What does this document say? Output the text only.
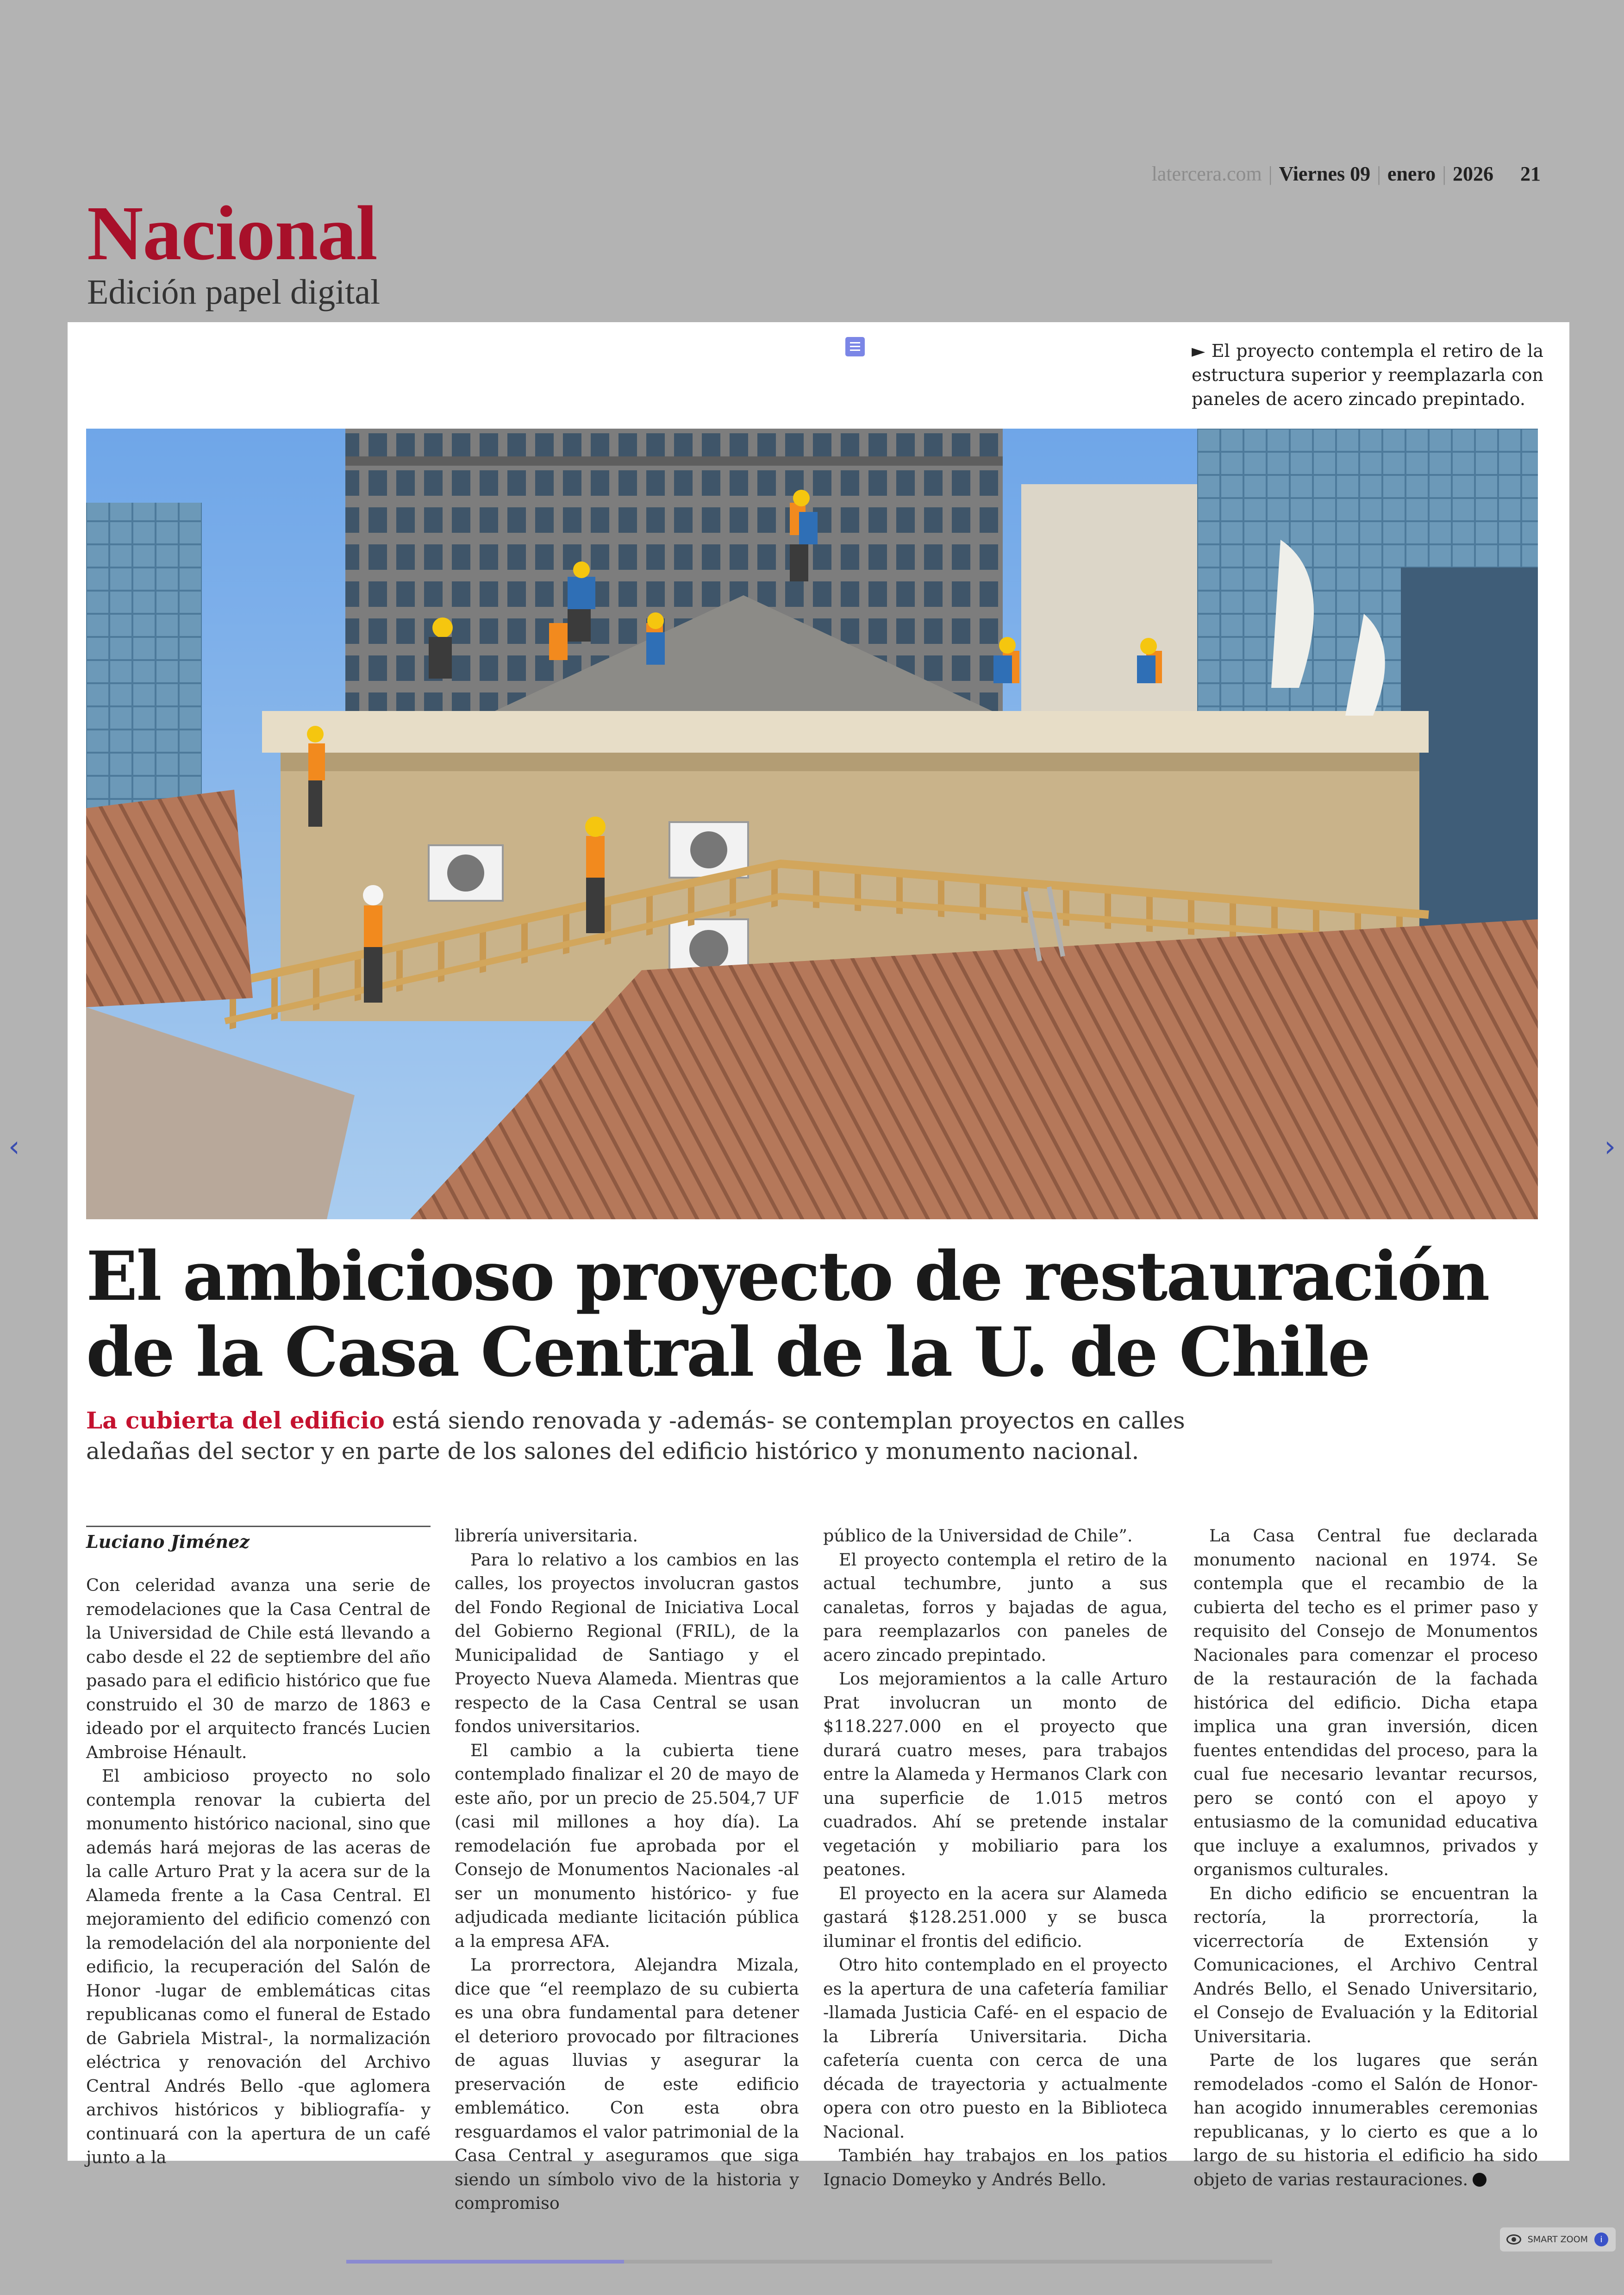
latercera.com | Viernes 09 | enero | 2026 21
Nacional
Edición papel digital
► El proyecto contempla el retiro de la estructura superior y reemplazarla con paneles de acero zincado prepintado.
El ambicioso proyecto de restauración
de la Casa Central de la U. de Chile
La cubierta del edificio está siendo renovada y -además- se contemplan proyectos en calles aledañas del sector y en parte de los salones del edificio histórico y monumento nacional.
Luciano Jiménez

Con celeridad avanza una serie de remodelaciones que la Casa Central de la Universidad de Chile está llevando a cabo desde el 22 de septiembre del año pasado para el edificio histórico que fue construido el 30 de marzo de 1863 e ideado por el arquitecto francés Lucien Ambroise Hénault.

El ambicioso proyecto no solo contempla renovar la cubierta del monumento histórico nacional, sino que además hará mejoras de las aceras de la calle Arturo Prat y la acera sur de la Alameda frente a la Casa Central. El mejoramiento del edificio comenzó con la remodelación del ala norponiente del edificio, la recuperación del Salón de Honor -lugar de emblemáticas citas republicanas como el funeral de Estado de Gabriela Mistral-, la normalización eléctrica y renovación del Archivo Central Andrés Bello -que aglomera archivos históricos y bibliografía- y continuará con la apertura de un café junto a la

librería universitaria.

Para lo relativo a los cambios en las calles, los proyectos involucran gastos del Fondo Regional de Iniciativa Local del Gobierno Regional (FRIL), de la Municipalidad de Santiago y el Proyecto Nueva Alameda. Mientras que respecto de la Casa Central se usan fondos universitarios.

El cambio a la cubierta tiene contemplado finalizar el 20 de mayo de este año, por un precio de 25.504,7 UF (casi mil millones a hoy día). La remodelación fue aprobada por el Consejo de Monumentos Nacionales -al ser un monumento histórico- y fue adjudicada mediante licitación pública a la empresa AFA.

La prorrectora, Alejandra Mizala, dice que “el reemplazo de su cubierta es una obra fundamental para detener el deterioro provocado por filtraciones de aguas lluvias y asegurar la preservación de este edificio emblemático. Con esta obra resguardamos el valor patrimonial de la Casa Central y aseguramos que siga siendo un símbolo vivo de la historia y compromiso

público de la Universidad de Chile”.

El proyecto contempla el retiro de la actual techumbre, junto a sus canaletas, forros y bajadas de agua, para reemplazarlos con paneles de acero zincado prepintado.

Los mejoramientos a la calle Arturo Prat involucran un monto de $118.227.000 en el proyecto que durará cuatro meses, para trabajos entre la Alameda y Hermanos Clark con una superficie de 1.015 metros cuadrados. Ahí se pretende instalar vegetación y mobiliario para los peatones.

El proyecto en la acera sur Alameda gastará $128.251.000 y se busca iluminar el frontis del edificio.

Otro hito contemplado en el proyecto es la apertura de una cafetería familiar -llamada Justicia Café- en el espacio de la Librería Universitaria. Dicha cafetería cuenta con cerca de una década de trayectoria y actualmente opera con otro puesto en la Biblioteca Nacional.

También hay trabajos en los patios Ignacio Domeyko y Andrés Bello.

La Casa Central fue declarada monumento nacional en 1974. Se contempla que el recambio de la cubierta del techo es el primer paso y requisito del Consejo de Monumentos Nacionales para comenzar el proceso de la restauración de la fachada histórica del edificio. Dicha etapa implica una gran inversión, dicen fuentes entendidas del proceso, para la cual fue necesario levantar recursos, pero se contó con el apoyo y entusiasmo de la comunidad educativa que incluye a exalumnos, privados y organismos culturales.

En dicho edificio se encuentran la rectoría, la prorrectoría, la vicerrectoría de Extensión y Comunicaciones, el Archivo Central Andrés Bello, el Senado Universitario, el Consejo de Evaluación y la Editorial Universitaria.

Parte de los lugares que serán remodelados -como el Salón de Honor- han acogido innumerables ceremonias republicanas, y lo cierto es que a lo largo de su historia el edificio ha sido objeto de varias restauraciones.

‹	›
SMART ZOOM	i
